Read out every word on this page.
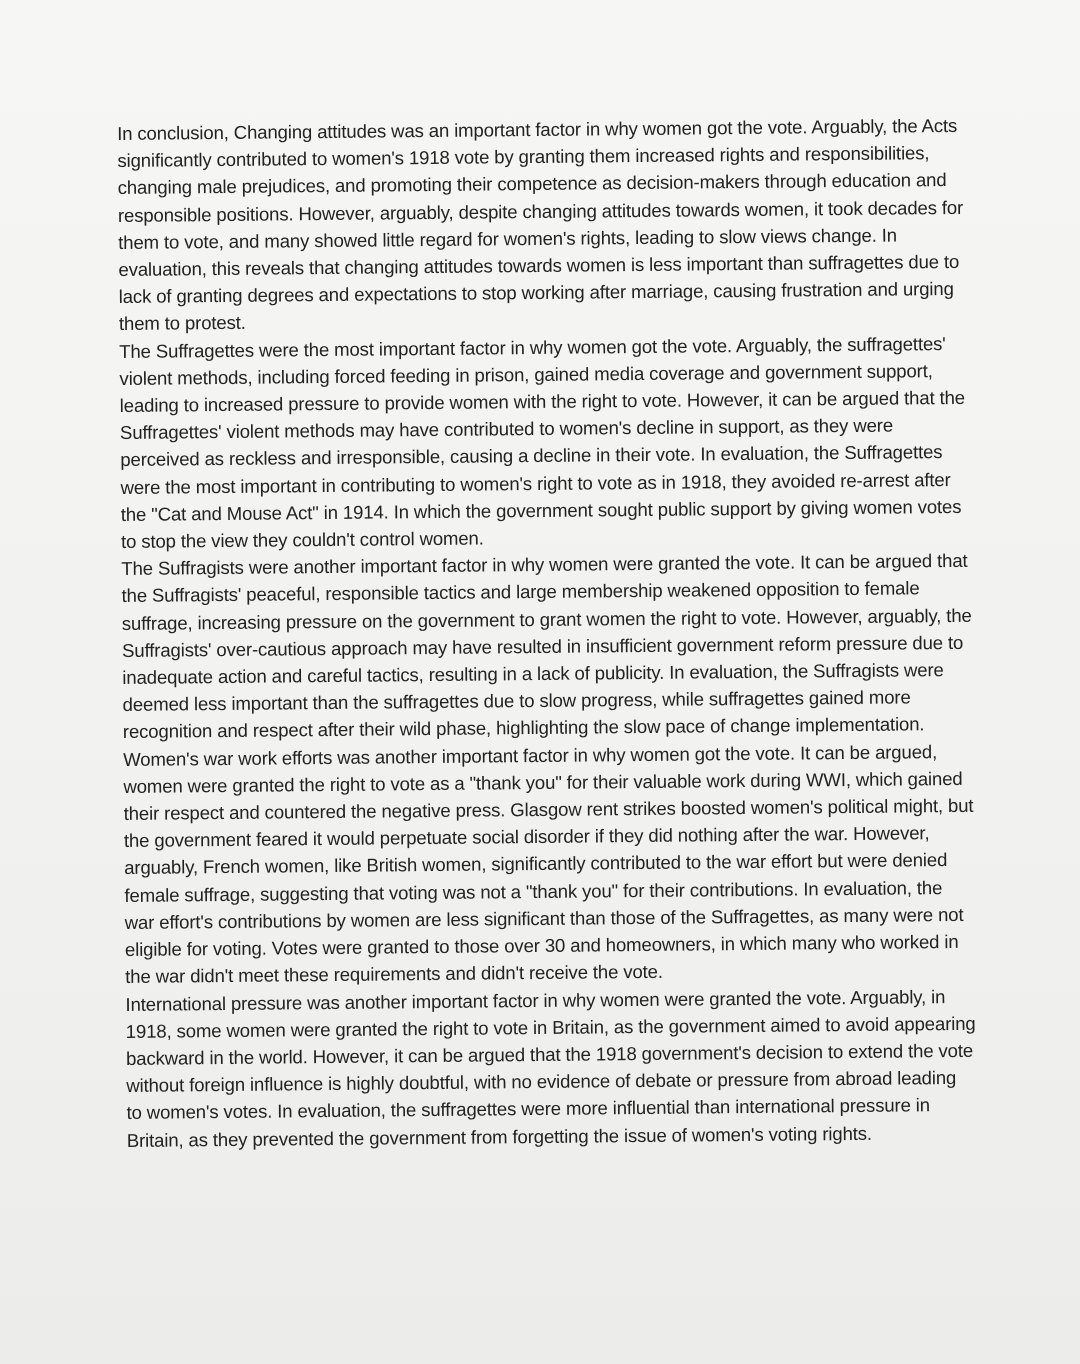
In conclusion, Changing attitudes was an important factor in why women got the vote. Arguably, the Acts significantly contributed to women's 1918 vote by granting them increased rights and responsibilities, changing male prejudices, and promoting their competence as decision-makers through education and responsible positions. However, arguably, despite changing attitudes towards women, it took decades for them to vote, and many showed little regard for women's rights, leading to slow views change. In evaluation, this reveals that changing attitudes towards women is less important than suffragettes due to lack of granting degrees and expectations to stop working after marriage, causing frustration and urging them to protest.

The Suffragettes were the most important factor in why women got the vote. Arguably, the suffragettes' violent methods, including forced feeding in prison, gained media coverage and government support, leading to increased pressure to provide women with the right to vote. However, it can be argued that the Suffragettes' violent methods may have contributed to women's decline in support, as they were perceived as reckless and irresponsible, causing a decline in their vote. In evaluation, the Suffragettes were the most important in contributing to women's right to vote as in 1918, they avoided re-arrest after the "Cat and Mouse Act" in 1914. In which the government sought public support by giving women votes to stop the view they couldn't control women.

The Suffragists were another important factor in why women were granted the vote. It can be argued that the Suffragists' peaceful, responsible tactics and large membership weakened opposition to female suffrage, increasing pressure on the government to grant women the right to vote. However, arguably, the Suffragists' over-cautious approach may have resulted in insufficient government reform pressure due to inadequate action and careful tactics, resulting in a lack of publicity. In evaluation, the Suffragists were deemed less important than the suffragettes due to slow progress, while suffragettes gained more recognition and respect after their wild phase, highlighting the slow pace of change implementation.

Women's war work efforts was another important factor in why women got the vote. It can be argued, women were granted the right to vote as a "thank you" for their valuable work during WWI, which gained their respect and countered the negative press. Glasgow rent strikes boosted women's political might, but the government feared it would perpetuate social disorder if they did nothing after the war. However, arguably, French women, like British women, significantly contributed to the war effort but were denied female suffrage, suggesting that voting was not a "thank you" for their contributions. In evaluation, the war effort's contributions by women are less significant than those of the Suffragettes, as many were not eligible for voting. Votes were granted to those over 30 and homeowners, in which many who worked in the war didn't meet these requirements and didn't receive the vote.

International pressure was another important factor in why women were granted the vote. Arguably, in 1918, some women were granted the right to vote in Britain, as the government aimed to avoid appearing backward in the world. However, it can be argued that the 1918 government's decision to extend the vote without foreign influence is highly doubtful, with no evidence of debate or pressure from abroad leading to women's votes. In evaluation, the suffragettes were more influential than international pressure in Britain, as they prevented the government from forgetting the issue of women's voting rights.
